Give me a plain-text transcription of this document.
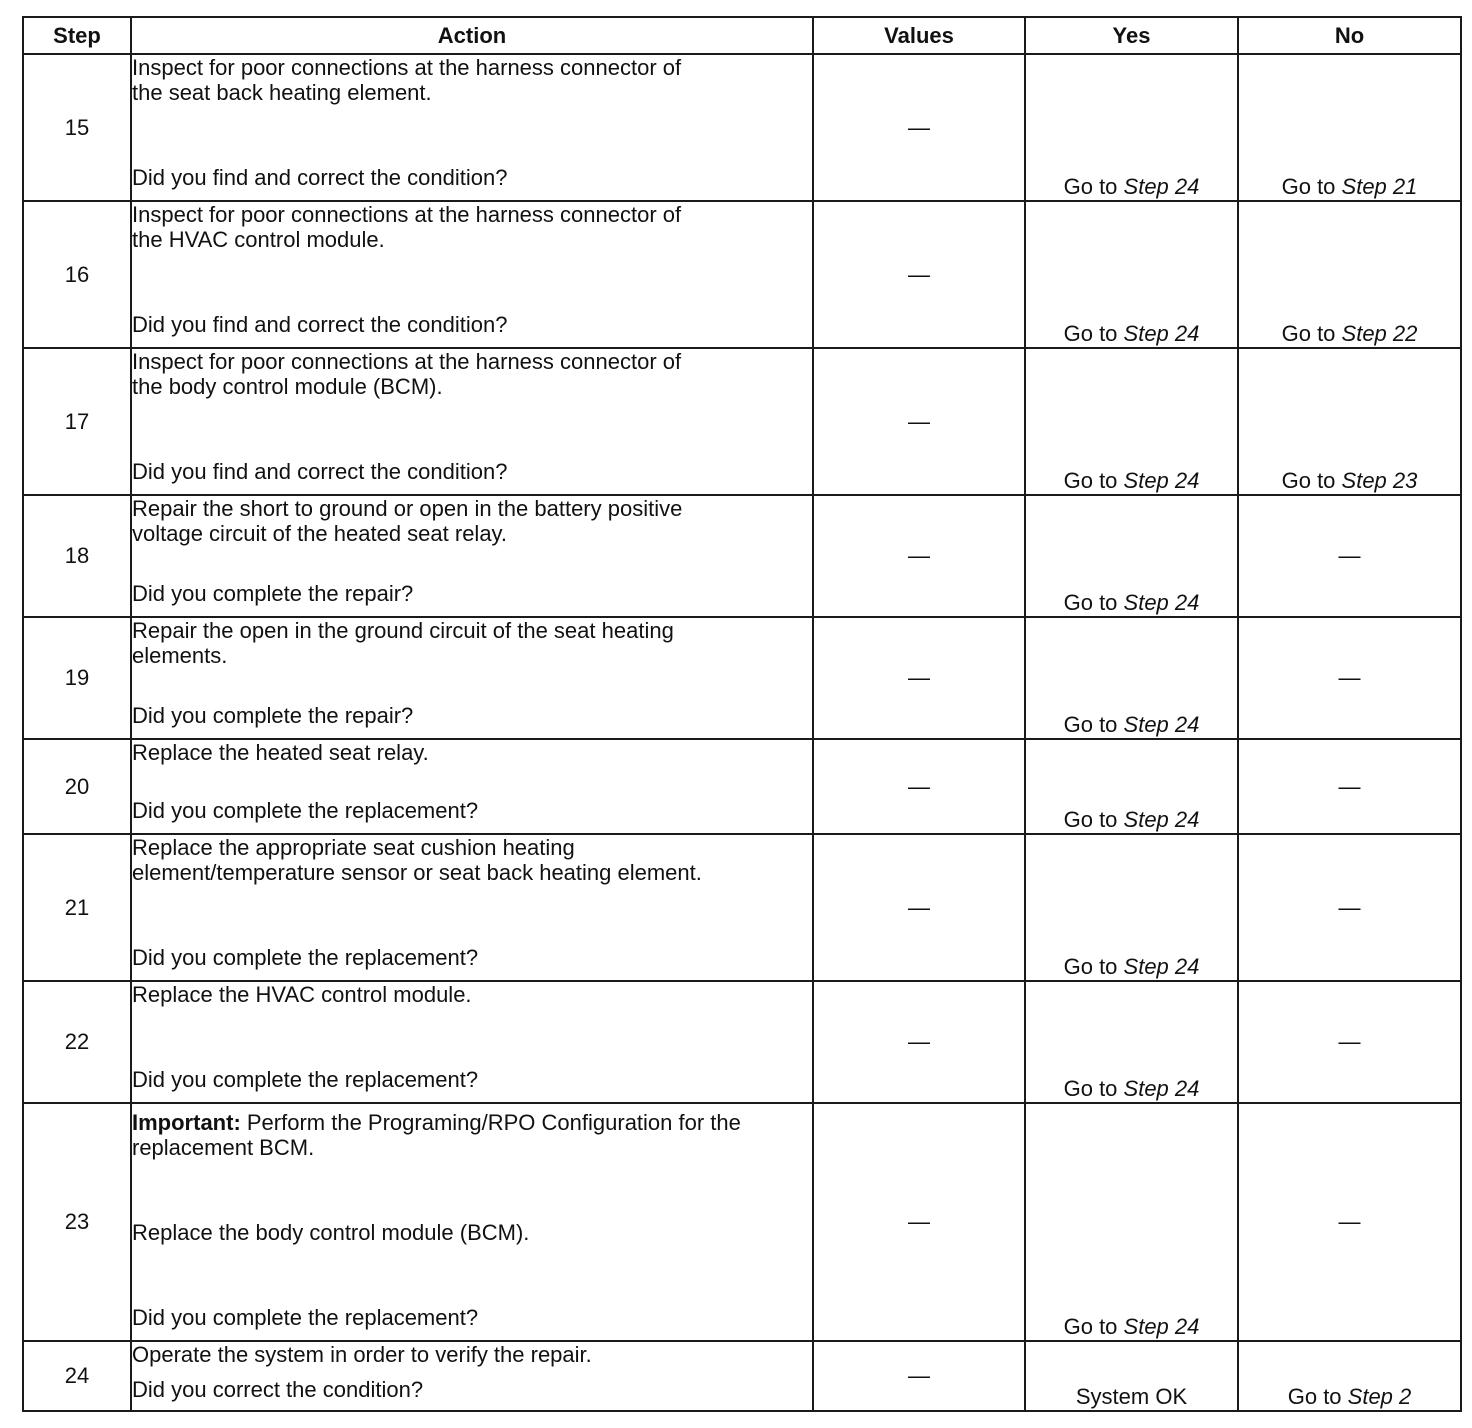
Step	Action	Values	Yes	No
15	Inspect for poor connections at the harness connector of
the seat back heating element.
Did you find and correct the condition?	—	Go to Step 24	Go to Step 21
16	Inspect for poor connections at the harness connector of
the HVAC control module.
Did you find and correct the condition?	—	Go to Step 24	Go to Step 22
17	Inspect for poor connections at the harness connector of
the body control module (BCM).
Did you find and correct the condition?	—	Go to Step 24	Go to Step 23
18	Repair the short to ground or open in the battery positive
voltage circuit of the heated seat relay.
Did you complete the repair?	—	Go to Step 24	—
19	Repair the open in the ground circuit of the seat heating
elements.
Did you complete the repair?	—	Go to Step 24	—
20	Replace the heated seat relay.
Did you complete the replacement?	—	Go to Step 24	—
21	Replace the appropriate seat cushion heating
element/temperature sensor or seat back heating element.
Did you complete the replacement?	—	Go to Step 24	—
22	Replace the HVAC control module.
Did you complete the replacement?	—	Go to Step 24	—
23	Important: Perform the Programing/RPO Configuration for the replacement BCM.
Replace the body control module (BCM).
Did you complete the replacement?	—	Go to Step 24	—
24	Operate the system in order to verify the repair.
Did you correct the condition?	—	System OK	Go to Step 2
